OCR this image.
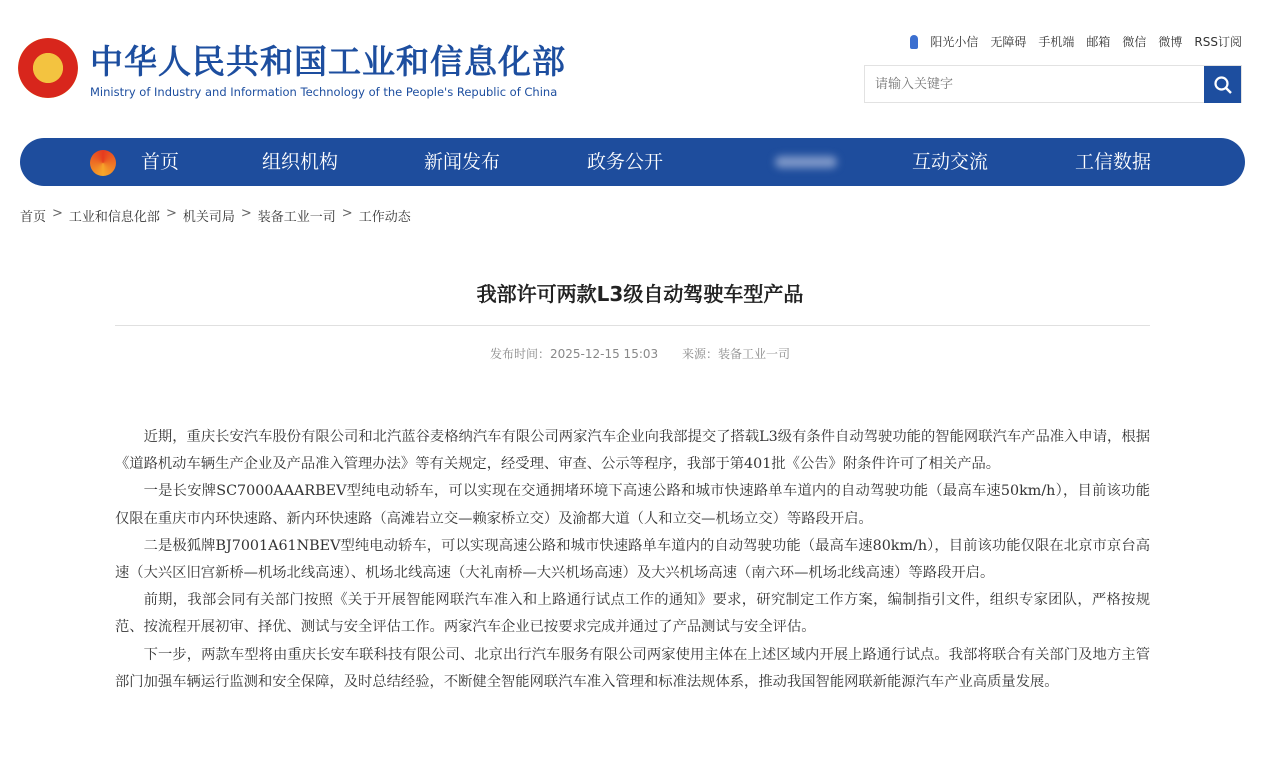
中华人民共和国工业和信息化部
Ministry of Industry and Information Technology of the People's Republic of China
阳光小信 无障碍 手机端 邮箱 微信 微博 RSS订阅
请输入关键字
首页	组织机构	新闻发布	政务公开	互动交流	工信数据
首页 > 工业和信息化部 > 机关司局 > 装备工业一司 > 工作动态
我部许可两款L3级自动驾驶车型产品
发布时间：2025-12-15 15:03 来源：装备工业一司

近期，重庆长安汽车股份有限公司和北汽蓝谷麦格纳汽车有限公司两家汽车企业向我部提交了搭载L3级有条件自动驾驶功能的智能网联汽车产品准入申请，根据《道路机动车辆生产企业及产品准入管理办法》等有关规定，经受理、审查、公示等程序，我部于第401批《公告》附条件许可了相关产品。

一是长安牌SC7000AAARBEV型纯电动轿车，可以实现在交通拥堵环境下高速公路和城市快速路单车道内的自动驾驶功能（最高车速50km/h），目前该功能仅限在重庆市内环快速路、新内环快速路（高滩岩立交—赖家桥立交）及渝都大道（人和立交—机场立交）等路段开启。

二是极狐牌BJ7001A61NBEV型纯电动轿车，可以实现高速公路和城市快速路单车道内的自动驾驶功能（最高车速80km/h），目前该功能仅限在北京市京台高速（大兴区旧宫新桥—机场北线高速）、机场北线高速（大礼南桥—大兴机场高速）及大兴机场高速（南六环—机场北线高速）等路段开启。

前期，我部会同有关部门按照《关于开展智能网联汽车准入和上路通行试点工作的通知》要求，研究制定工作方案，编制指引文件，组织专家团队，严格按规范、按流程开展初审、择优、测试与安全评估工作。两家汽车企业已按要求完成并通过了产品测试与安全评估。

下一步，两款车型将由重庆长安车联科技有限公司、北京出行汽车服务有限公司两家使用主体在上述区域内开展上路通行试点。我部将联合有关部门及地方主管部门加强车辆运行监测和安全保障，及时总结经验，不断健全智能网联汽车准入管理和标准法规体系，推动我国智能网联新能源汽车产业高质量发展。
